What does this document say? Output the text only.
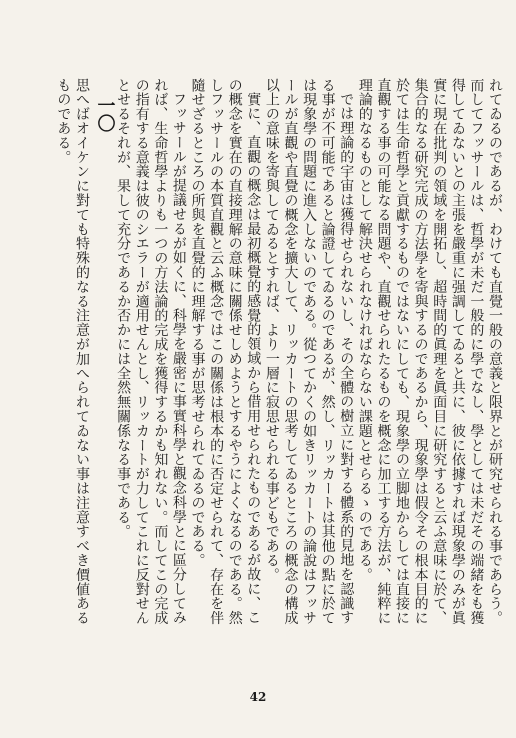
れてゐるのであるが、わけても直覺一般の意義と限界とが研究せられる事であらう。而してフッサールは、哲學が未だ一般的に學でなし、學としては未だその端緒をも獲得してゐないとの主張を嚴重に强調してゐると共に、彼に依據すれば現象學のみが眞實に現在批判の領域を開拓し、超時間的眞理を眞面目に研究すると云ふ意味に於て、集合的なる研究完成の方法學を寄與するのであるから、現象學は假令その根本目的に於ては生命哲學と貢獻するものではないにしても、現象學の立脚地からしては直接に直觀する事の可能なる問題や、直觀せられたるものを概念に加工する方法が、純粹に理論的なるものとして解決せられなければならない課題とせらるゝのである。

では理論的宇宙は獲得せられないし、その全體の樹立に對する體系的見地を認識する事が不可能であると論證してゐるのであるが、然し、リッカートは其他の點に於ては現象學の問題に進入しないのである。從つてかくの如きリッカートの論說はフッサールが直觀や直覺の概念を擴大して、リッカートの思考してゐるところの概念の構成以上の意味を寄與してゐるとすれば、より一層に寂思せられる事どもである。

實に、直觀の概念は最初概覺的感覺的領域から借用せられたものであるが故に、この概念を實在の直接理解の意味に關係せしめようとするやうによくなるのである。然しフッサールの本質直觀と云ふ概念ではこの關係は根本的に否定せられて、存在を伴隨せざるところの所與を直覺的に理解する事が思考せられてゐるのである。

フッサールが提議せるが如くに、科學を嚴密に事實科學と觀念科學とに區分してみれば、生命哲學よりも一つの方法論的完成を獲得するかも知れない。而してこの完成の指有する意義は彼のシエラーが適用せんとし、リッカートが力してこれに反對せんとせるそれが、果して充分であるか否かには全然無關係なる事である。

一〇

思へばオイケンに對ても特殊的なる注意が加へられてゐない事は注意すべき價値あるものである。

42
